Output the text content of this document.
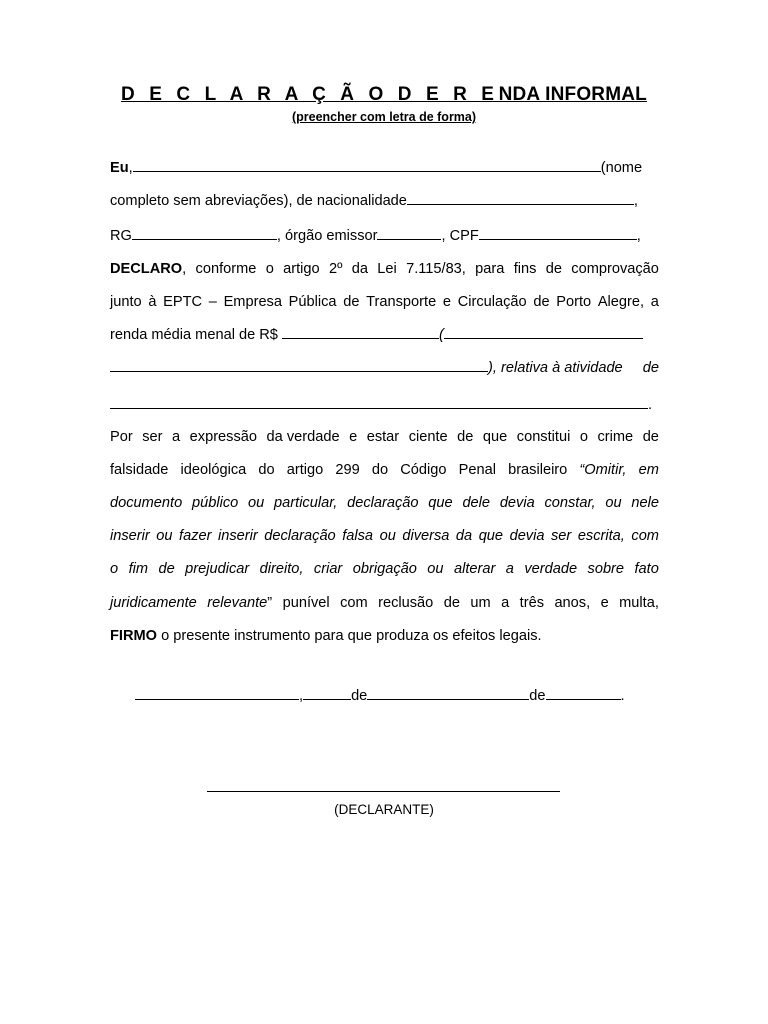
D E C L A R A Ç Ã O D E R ENDA INFORMAL
(preencher com letra de forma)
Eu,	(nome
completo sem abreviações), de nacionalidade	,
RG	, órgão emissor	, CPF	,
DECLARO, conforme o artigo 2º da Lei 7.115/83, para fins de comprovação
junto à EPTC – Empresa Pública de Transporte e Circulação de Porto Alegre, a
renda média menal de R$	(
), relativa à atividade de
.
Por ser a expressão da verdade e estar ciente de que constitui o crime de
falsidade ideológica do artigo 299 do Código Penal brasileiro “Omitir, em
documento público ou particular, declaração que dele devia constar, ou nele
inserir ou fazer inserir declaração falsa ou diversa da que devia ser escrita, com
o fim de prejudicar direito, criar obrigação ou alterar a verdade sobre fato
juridicamente relevante” punível com reclusão de um a três anos, e multa,
FIRMO o presente instrumento para que produza os efeitos legais.
,	de	de	.
(DECLARANTE)
